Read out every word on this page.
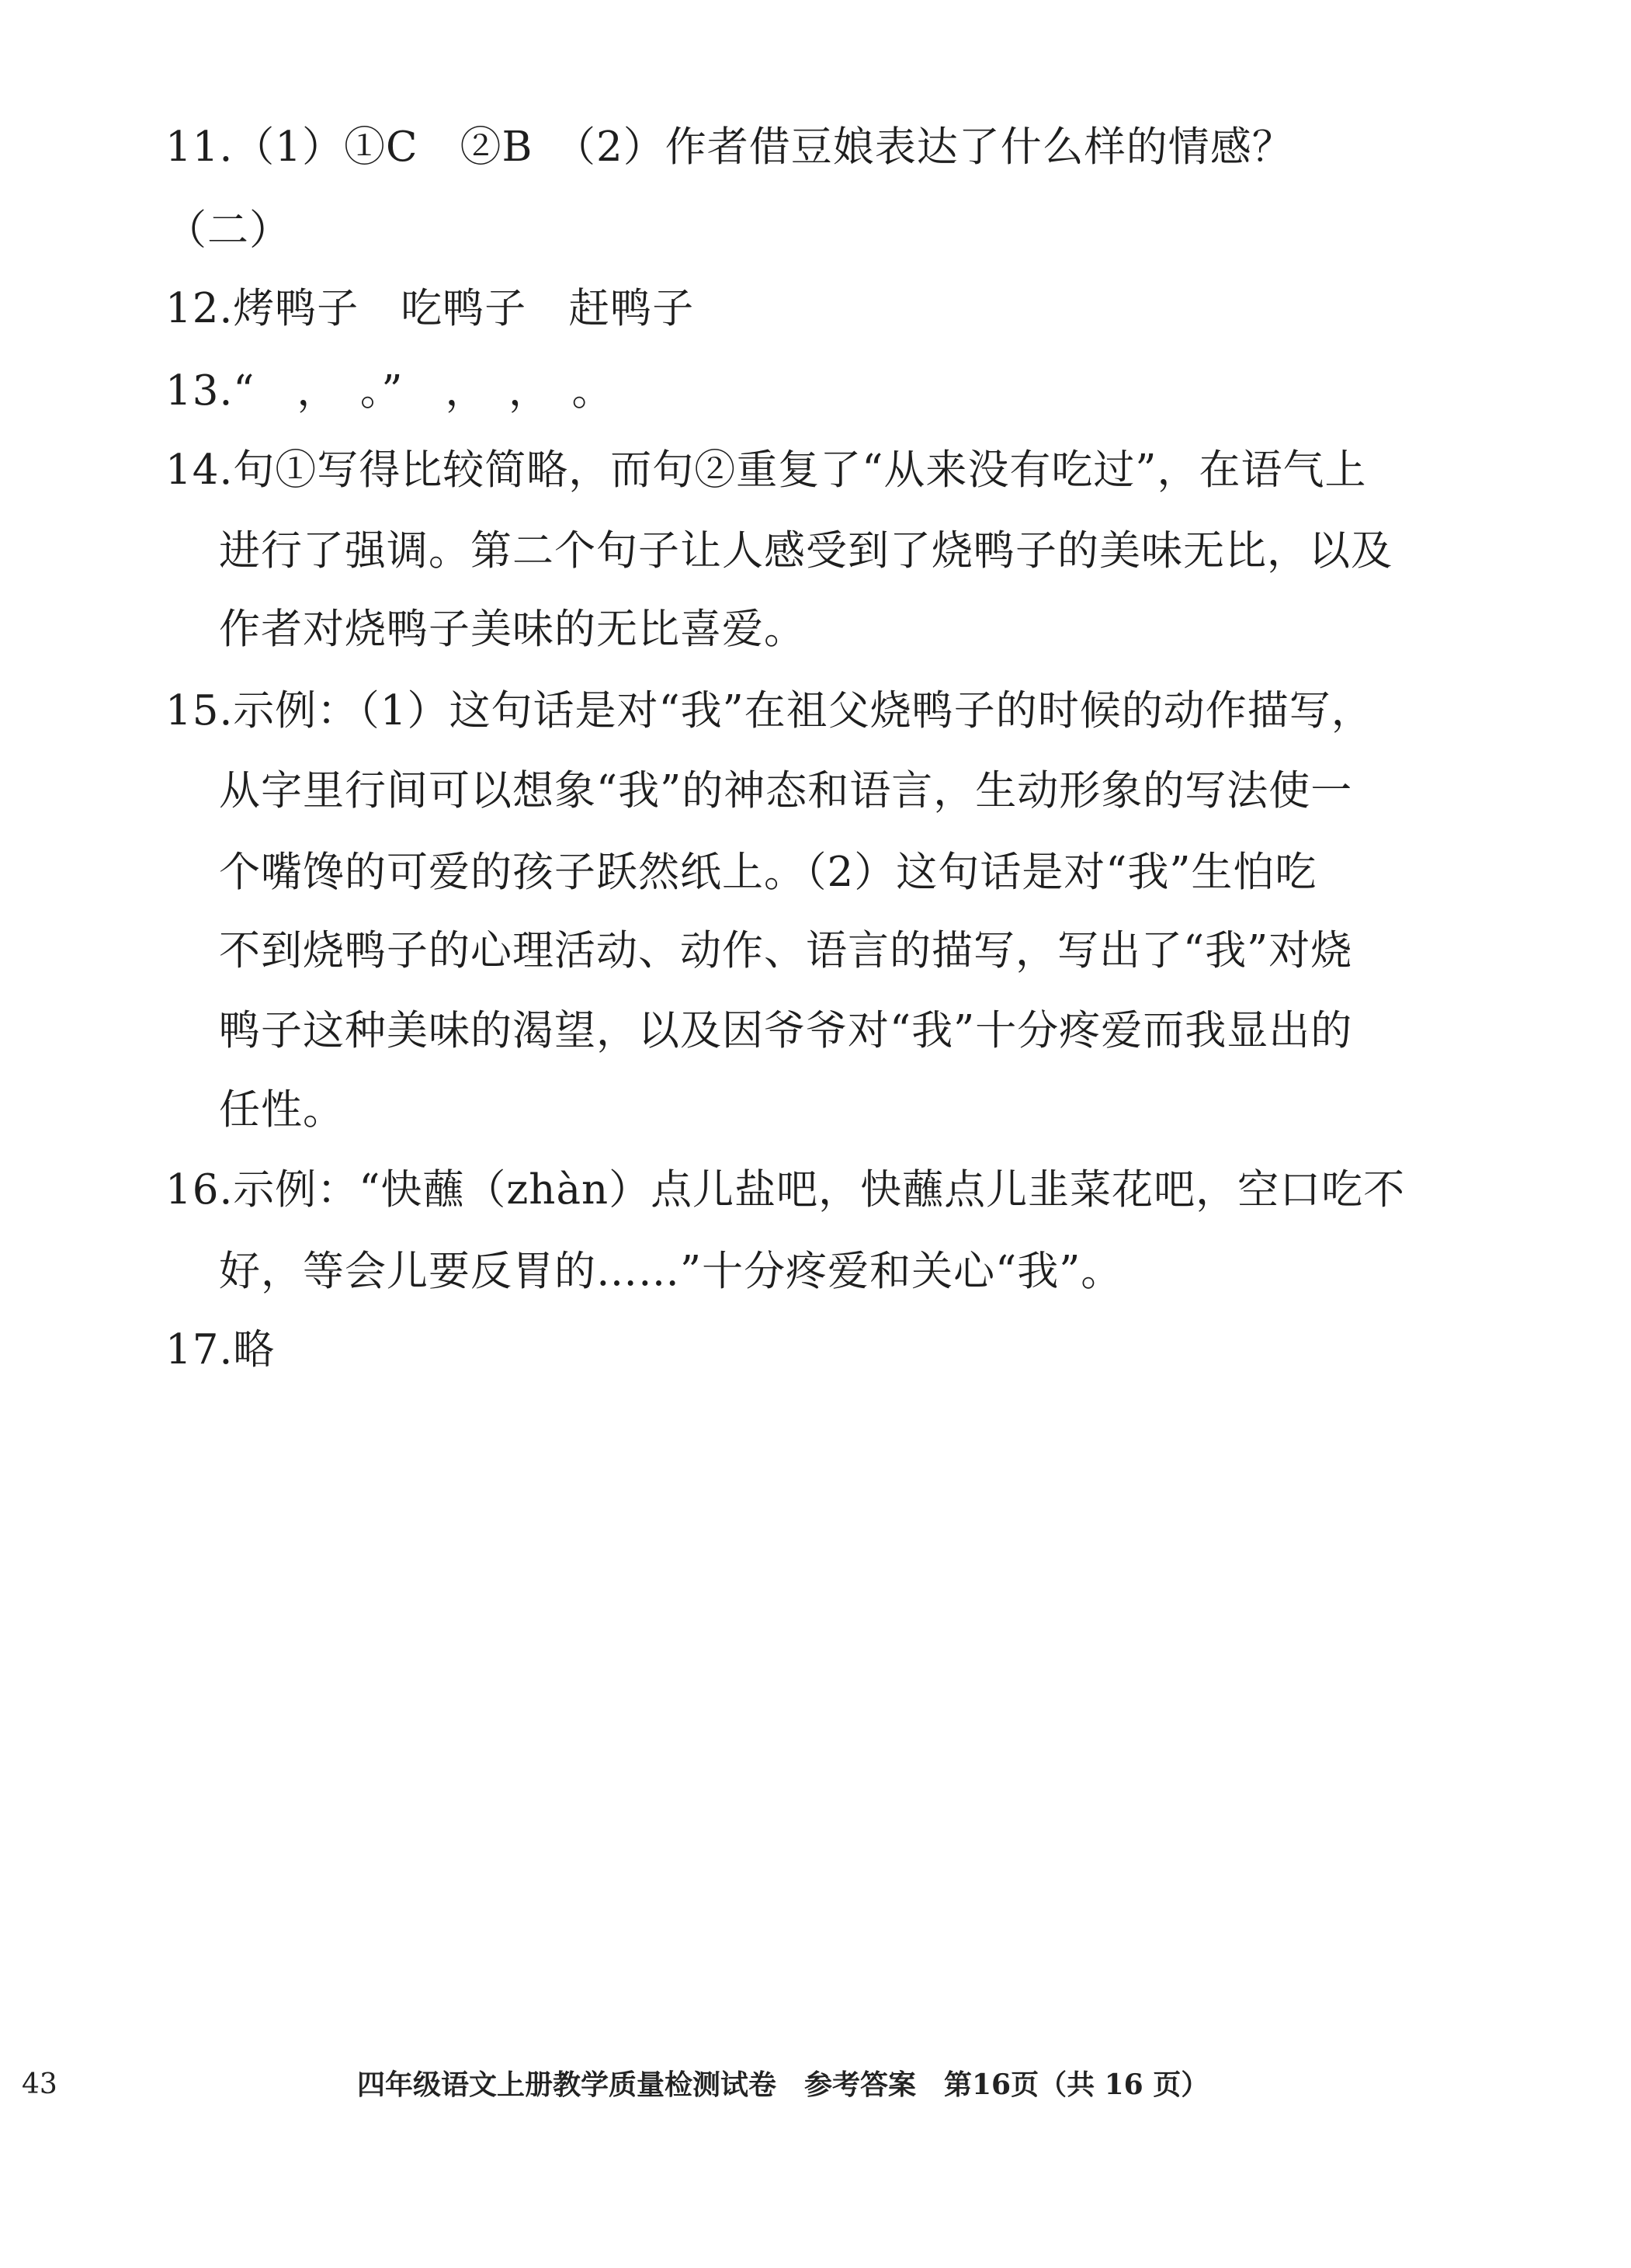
11.（1）①C　②B　（2）作者借豆娘表达了什么样的情感？
（二）
12.烤鸭子　吃鸭子　赶鸭子
13.“　，　。”　，　，　。
14.句①写得比较简略，而句②重复了“从来没有吃过”，在语气上
进行了强调。第二个句子让人感受到了烧鸭子的美味无比，以及
作者对烧鸭子美味的无比喜爱。
15.示例：（1）这句话是对“我”在祖父烧鸭子的时候的动作描写，
从字里行间可以想象“我”的神态和语言，生动形象的写法使一
个嘴馋的可爱的孩子跃然纸上。（2）这句话是对“我”生怕吃
不到烧鸭子的心理活动、动作、语言的描写，写出了“我”对烧
鸭子这种美味的渴望，以及因爷爷对“我”十分疼爱而我显出的
任性。
16.示例：“快蘸（zhàn）点儿盐吧，快蘸点儿韭菜花吧，空口吃不
好，等会儿要反胃的……”十分疼爱和关心“我”。
17.略
43	四年级语文上册教学质量检测试卷　参考答案　第16页（共 16 页）
